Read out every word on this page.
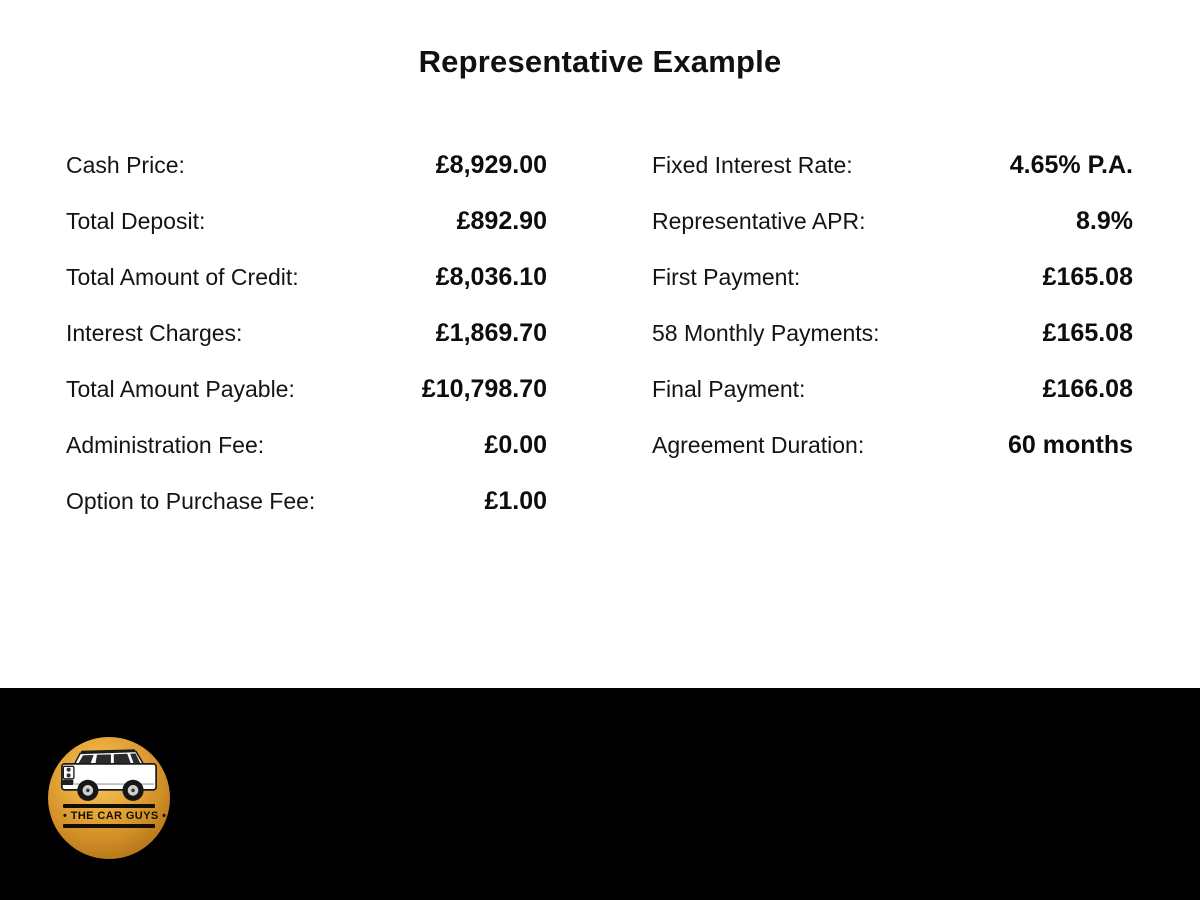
Representative Example
Cash Price:	£8,929.00
Total Deposit:	£892.90
Total Amount of Credit:	£8,036.10
Interest Charges:	£1,869.70
Total Amount Payable:	£10,798.70
Administration Fee:	£0.00
Option to Purchase Fee:	£1.00
Fixed Interest Rate:	4.65% P.A.
Representative APR:	8.9%
First Payment:	£165.08
58 Monthly Payments:	£165.08
Final Payment:	£166.08
Agreement Duration:	60 months
• THE CAR GUYS •
